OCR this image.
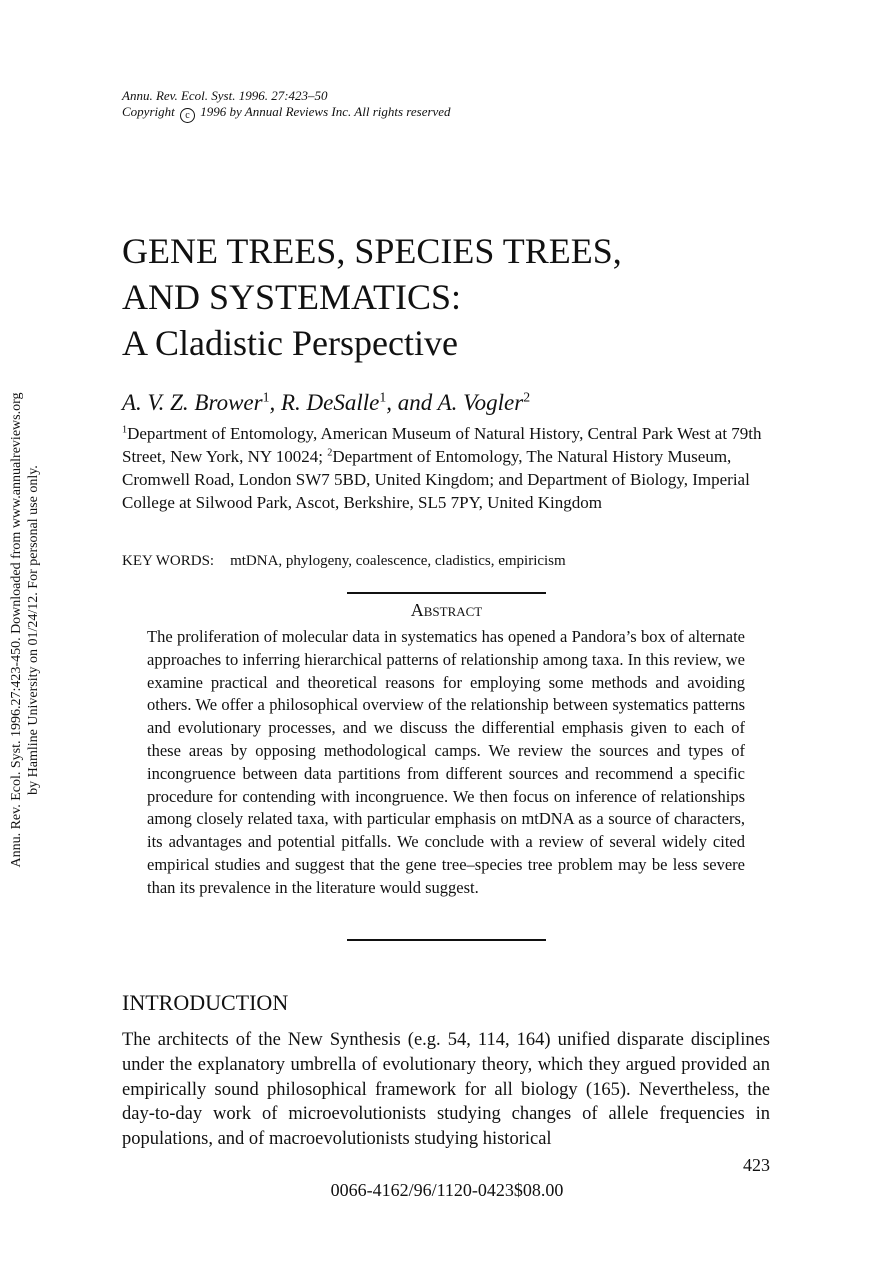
Annu. Rev. Ecol. Syst. 1996. 27:423–50
Copyright c 1996 by Annual Reviews Inc. All rights reserved
Annu. Rev. Ecol. Syst. 1996.27:423-450. Downloaded from www.annualreviews.org by Hamline University on 01/24/12. For personal use only.
GENE TREES, SPECIES TREES,
AND SYSTEMATICS:
A Cladistic Perspective
A. V. Z. Brower$^1$, R. DeSalle$^1$, and A. Vogler$^2$
$^1$Department of Entomology, American Museum of Natural History, Central Park West at 79th Street, New York, NY 10024; $^2$Department of Entomology, The Natural History Museum, Cromwell Road, London SW7 5BD, United Kingdom; and Department of Biology, Imperial College at Silwood Park, Ascot, Berkshire, SL5 7PY, United Kingdom
KEY WORDS: mtDNA, phylogeny, coalescence, cladistics, empiricism
Abstract
The proliferation of molecular data in systematics has opened a Pandora’s box of alternate approaches to inferring hierarchical patterns of relationship among taxa. In this review, we examine practical and theoretical reasons for employing some methods and avoiding others. We offer a philosophical overview of the relationship between systematics patterns and evolutionary processes, and we discuss the differential emphasis given to each of these areas by opposing methodological camps. We review the sources and types of incongruence between data partitions from different sources and recommend a specific procedure for contending with incongruence. We then focus on inference of relationships among closely related taxa, with particular emphasis on mtDNA as a source of characters, its advantages and potential pitfalls. We conclude with a review of several widely cited empirical studies and suggest that the gene tree–species tree problem may be less severe than its prevalence in the literature would suggest.
INTRODUCTION
The architects of the New Synthesis (e.g. 54, 114, 164) unified disparate disciplines under the explanatory umbrella of evolutionary theory, which they argued provided an empirically sound philosophical framework for all biology (165). Nevertheless, the day-to-day work of microevolutionists studying changes of allele frequencies in populations, and of macroevolutionists studying historical
423
0066-4162/96/1120-0423$08.00
